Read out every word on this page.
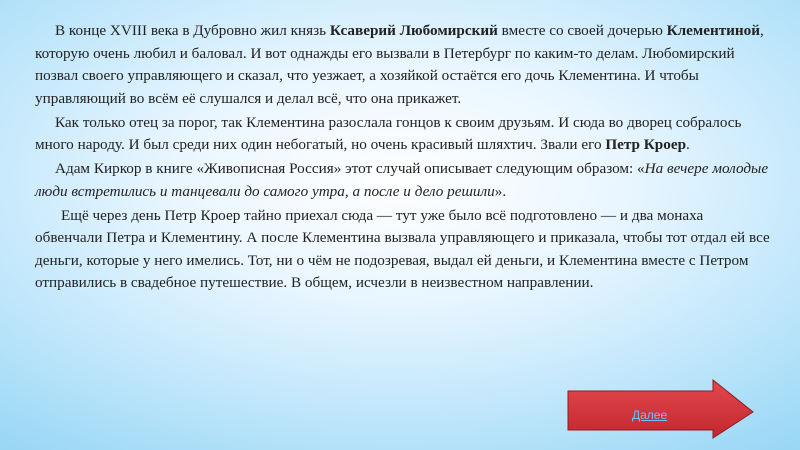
В конце XVIII века в Дубровно жил князь Ксаверий Любомирский вместе со своей дочерью Клементиной, которую очень любил и баловал. И вот однажды его вызвали в Петербург по каким-то делам. Любомирский позвал своего управляющего и сказал, что уезжает, а хозяйкой остаётся его дочь Клементина. И чтобы управляющий во всём её слушался и делал всё, что она прикажет.

Как только отец за порог, так Клементина разослала гонцов к своим друзьям. И сюда во дворец собралось много народу. И был среди них один небогатый, но очень красивый шляхтич. Звали его Петр Кроер.

Адам Киркор в книге «Живописная Россия» этот случай описывает следующим образом: «На вечере молодые люди встретились и танцевали до самого утра, а после и дело решили».

Ещё через день Петр Кроер тайно приехал сюда — тут уже было всё подготовлено — и два монаха обвенчали Петра и Клементину. А после Клементина вызвала управляющего и приказала, чтобы тот отдал ей все деньги, которые у него имелись. Тот, ни о чём не подозревая, выдал ей деньги, и Клементина вместе с Петром отправились в свадебное путешествие. В общем, исчезли в неизвестном направлении.

Далее
